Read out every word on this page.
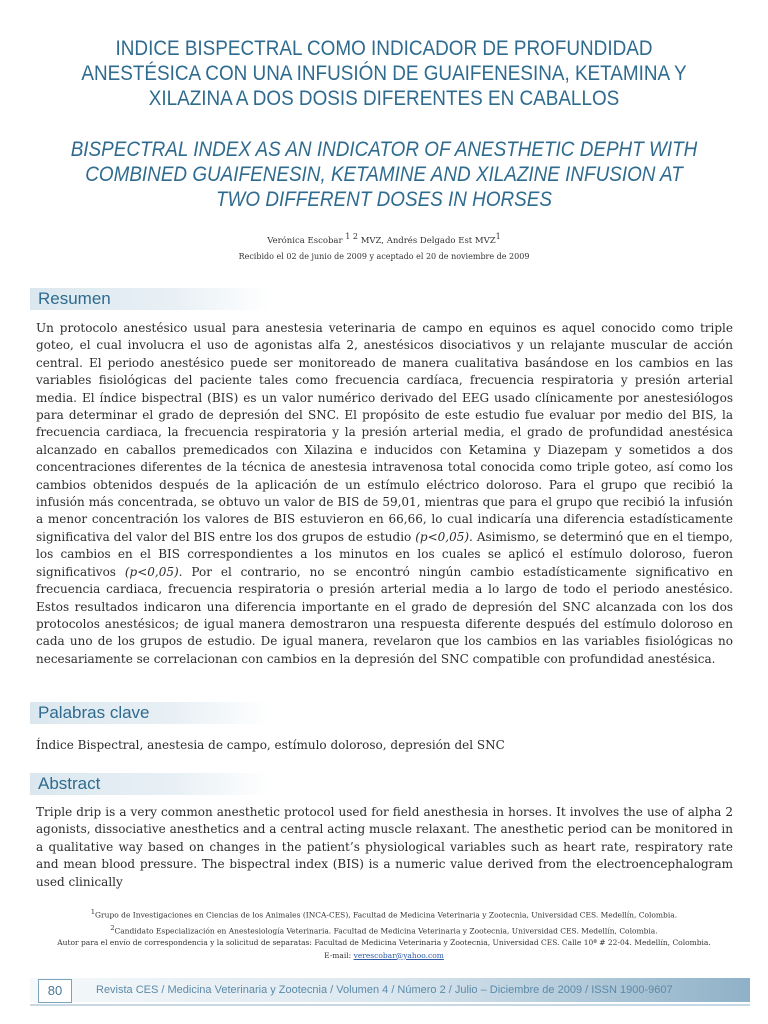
INDICE BISPECTRAL COMO INDICADOR DE PROFUNDIDAD ANESTÉSICA CON UNA INFUSIÓN DE GUAIFENESINA, KETAMINA Y XILAZINA A DOS DOSIS DIFERENTES EN CABALLOS
BISPECTRAL INDEX AS AN INDICATOR OF ANESTHETIC DEPHT WITH COMBINED GUAIFENESIN, KETAMINE AND XILAZINE INFUSION AT TWO DIFFERENT DOSES IN HORSES
Verónica Escobar $^{1 2}$ MVZ, Andrés Delgado Est MVZ$^1$
Recibido el 02 de junio de 2009 y aceptado el 20 de noviembre de 2009
Resumen
Un protocolo anestésico usual para anestesia veterinaria de campo en equinos es aquel conocido como triple goteo, el cual involucra el uso de agonistas alfa 2, anestésicos disociativos y un relajante muscular de acción central. El periodo anestésico puede ser monitoreado de manera cualitativa basándose en los cambios en las variables fisiológicas del paciente tales como frecuencia cardíaca, frecuencia respiratoria y presión arterial media. El índice bispectral (BIS) es un valor numérico derivado del EEG usado clínicamente por anestesiólogos para determinar el grado de depresión del SNC. El propósito de este estudio fue evaluar por medio del BIS, la frecuencia cardiaca, la frecuencia respiratoria y la presión arterial media, el grado de profundidad anestésica alcanzado en caballos premedicados con Xilazina e inducidos con Ketamina y Diazepam y sometidos a dos concentraciones diferentes de la técnica de anestesia intravenosa total conocida como triple goteo, así como los cambios obtenidos después de la aplicación de un estímulo eléctrico doloroso. Para el grupo que recibió la infusión más concentrada, se obtuvo un valor de BIS de 59,01, mientras que para el grupo que recibió la infusión a menor concentración los valores de BIS estuvieron en 66,66, lo cual indicaría una diferencia estadísticamente significativa del valor del BIS entre los dos grupos de estudio (p<0,05). Asimismo, se determinó que en el tiempo, los cambios en el BIS correspondientes a los minutos en los cuales se aplicó el estímulo doloroso, fueron significativos (p<0,05). Por el contrario, no se encontró ningún cambio estadísticamente significativo en frecuencia cardiaca, frecuencia respiratoria o presión arterial media a lo largo de todo el periodo anestésico. Estos resultados indicaron una diferencia importante en el grado de depresión del SNC alcanzada con los dos protocolos anestésicos; de igual manera demostraron una respuesta diferente después del estímulo doloroso en cada uno de los grupos de estudio. De igual manera, revelaron que los cambios en las variables fisiológicas no necesariamente se correlacionan con cambios en la depresión del SNC compatible con profundidad anestésica.
Palabras clave
Índice Bispectral, anestesia de campo, estímulo doloroso, depresión del SNC
Abstract
Triple drip is a very common anesthetic protocol used for field anesthesia in horses. It involves the use of alpha 2 agonists, dissociative anesthetics and a central acting muscle relaxant. The anesthetic period can be monitored in a qualitative way based on changes in the patient’s physiological variables such as heart rate, respiratory rate and mean blood pressure. The bispectral index (BIS) is a numeric value derived from the electroencephalogram used clinically
$^1$Grupo de Investigaciones en Ciencias de los Animales (INCA-CES), Facultad de Medicina Veterinaria y Zootecnia, Universidad CES. Medellín, Colombia.
$^2$Candidato Especialización en Anestesiología Veterinaria. Facultad de Medicina Veterinaria y Zootecnia, Universidad CES. Medellín, Colombia.
Autor para el envío de correspondencia y la solicitud de separatas: Facultad de Medicina Veterinaria y Zootecnia, Universidad CES. Calle 10ª # 22-04. Medellín, Colombia.
E-mail: verescobar@yahoo.com
80	Revista CES / Medicina Veterinaria y Zootecnia / Volumen 4 / Número 2 / Julio – Diciembre de 2009 / ISSN 1900-9607
